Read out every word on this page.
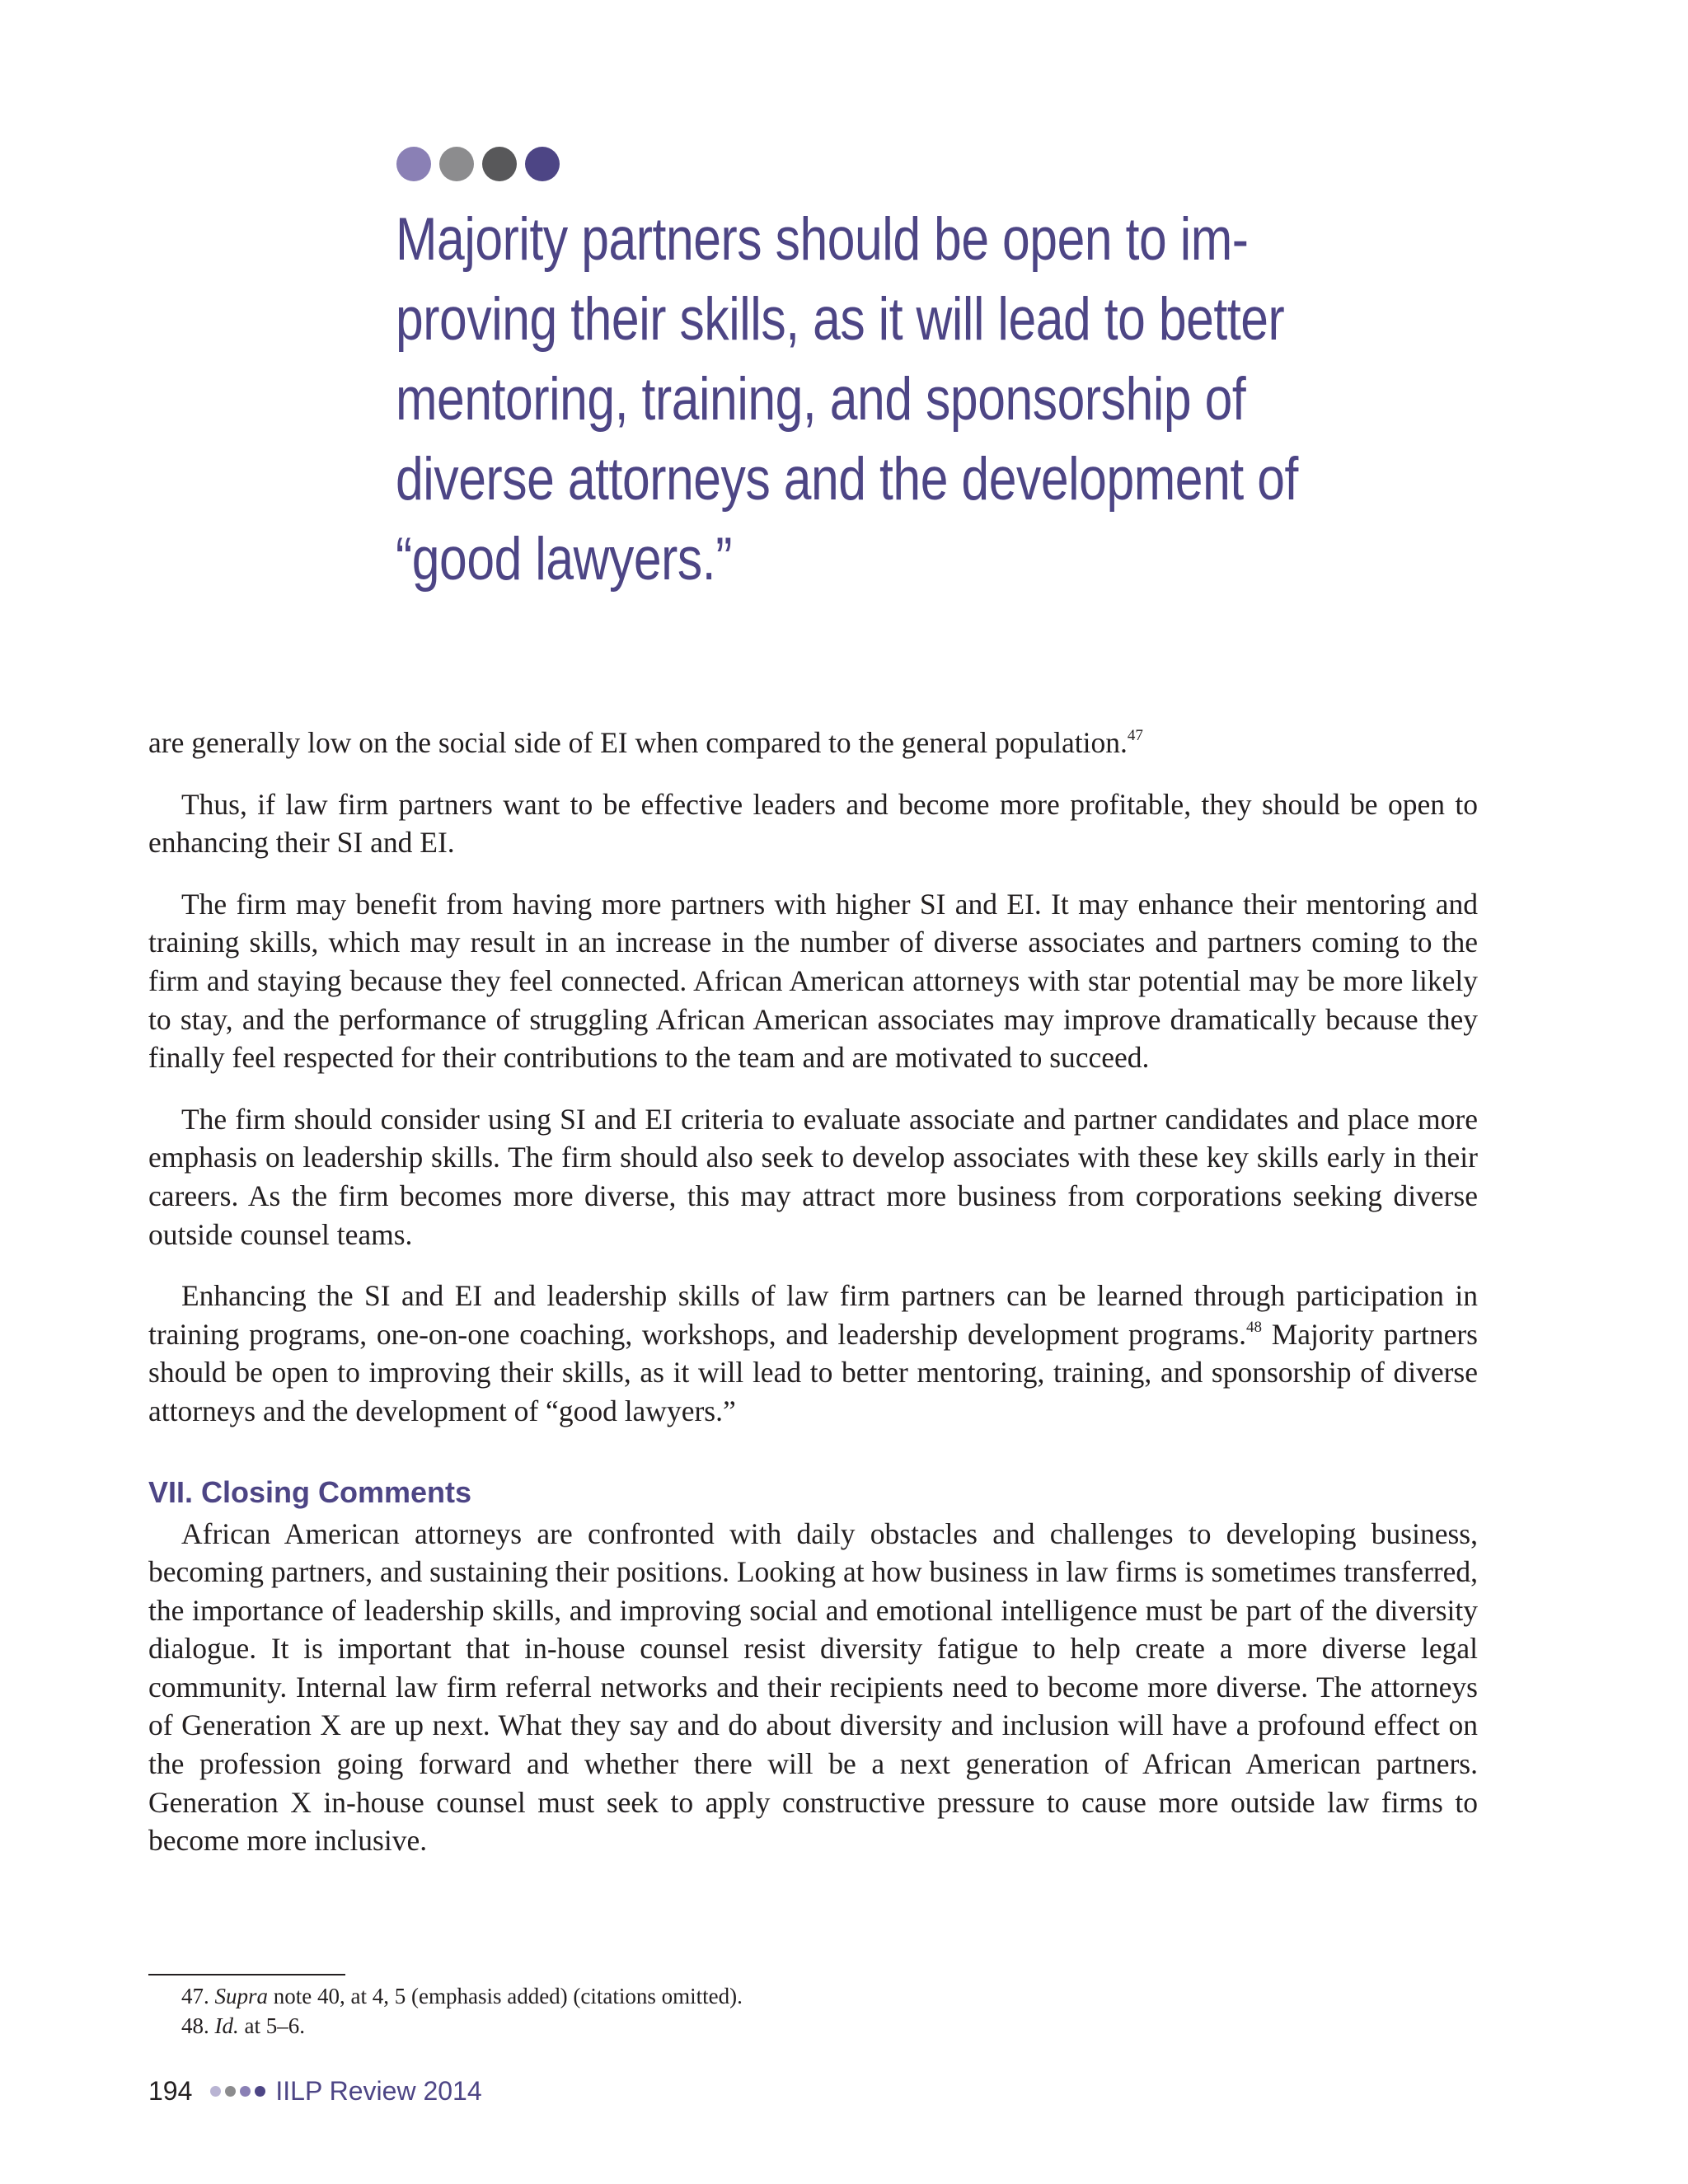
Majority partners should be open to im-
proving their skills, as it will lead to better
mentoring, training, and sponsorship of
diverse attorneys and the development of
“good lawyers.”

are generally low on the social side of EI when compared to the general population.$^{47}$

Thus, if law firm partners want to be effective leaders and become more profitable, they should be open to enhancing their SI and EI.

The firm may benefit from having more partners with higher SI and EI. It may enhance their mentoring and training skills, which may result in an increase in the number of diverse associates and partners coming to the firm and staying because they feel connected. African American attorneys with star potential may be more likely to stay, and the performance of struggling African American associates may improve dramatically because they finally feel respected for their contributions to the team and are motivated to succeed.

The firm should consider using SI and EI criteria to evaluate associate and partner candidates and place more emphasis on leadership skills. The firm should also seek to develop associates with these key skills early in their careers. As the firm becomes more diverse, this may attract more business from corporations seeking diverse outside counsel teams.

Enhancing the SI and EI and leadership skills of law firm partners can be learned through participation in training programs, one-on-one coaching, workshops, and leadership development programs.$^{48}$ Majority partners should be open to improving their skills, as it will lead to better mentoring, training, and sponsorship of diverse attorneys and the development of “good lawyers.”

VII. Closing Comments

African American attorneys are confronted with daily obstacles and challenges to developing business, becoming partners, and sustaining their positions. Looking at how business in law firms is sometimes transferred, the importance of leadership skills, and improving social and emotional intelligence must be part of the diversity dialogue. It is important that in-house counsel resist diversity fatigue to help create a more diverse legal community. Internal law firm referral networks and their recipients need to become more diverse. The attorneys of Generation X are up next. What they say and do about diversity and inclusion will have a profound effect on the profession going forward and whether there will be a next generation of African American partners. Generation X in-house counsel must seek to apply constructive pressure to cause more outside law firms to become more inclusive.

47. Supra note 40, at 4, 5 (emphasis added) (citations omitted).
48. Id. at 5–6.
194	IILP Review 2014
